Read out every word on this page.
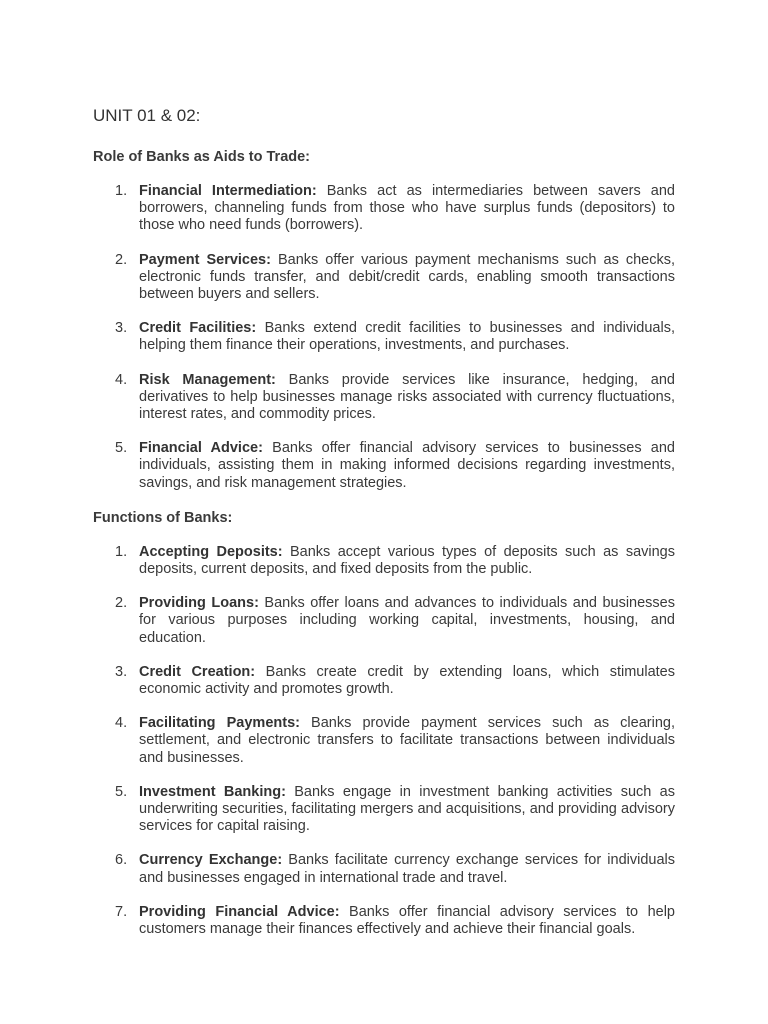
UNIT 01 & 02:
Role of Banks as Aids to Trade:
1. Financial Intermediation: Banks act as intermediaries between savers and borrowers, channeling funds from those who have surplus funds (depositors) to those who need funds (borrowers).
2. Payment Services: Banks offer various payment mechanisms such as checks, electronic funds transfer, and debit/credit cards, enabling smooth transactions between buyers and sellers.
3. Credit Facilities: Banks extend credit facilities to businesses and individuals, helping them finance their operations, investments, and purchases.
4. Risk Management: Banks provide services like insurance, hedging, and derivatives to help businesses manage risks associated with currency fluctuations, interest rates, and commodity prices.
5. Financial Advice: Banks offer financial advisory services to businesses and individuals, assisting them in making informed decisions regarding investments, savings, and risk management strategies.
Functions of Banks:
1. Accepting Deposits: Banks accept various types of deposits such as savings deposits, current deposits, and fixed deposits from the public.
2. Providing Loans: Banks offer loans and advances to individuals and businesses for various purposes including working capital, investments, housing, and education.
3. Credit Creation: Banks create credit by extending loans, which stimulates economic activity and promotes growth.
4. Facilitating Payments: Banks provide payment services such as clearing, settlement, and electronic transfers to facilitate transactions between individuals and businesses.
5. Investment Banking: Banks engage in investment banking activities such as underwriting securities, facilitating mergers and acquisitions, and providing advisory services for capital raising.
6. Currency Exchange: Banks facilitate currency exchange services for individuals and businesses engaged in international trade and travel.
7. Providing Financial Advice: Banks offer financial advisory services to help customers manage their finances effectively and achieve their financial goals.
